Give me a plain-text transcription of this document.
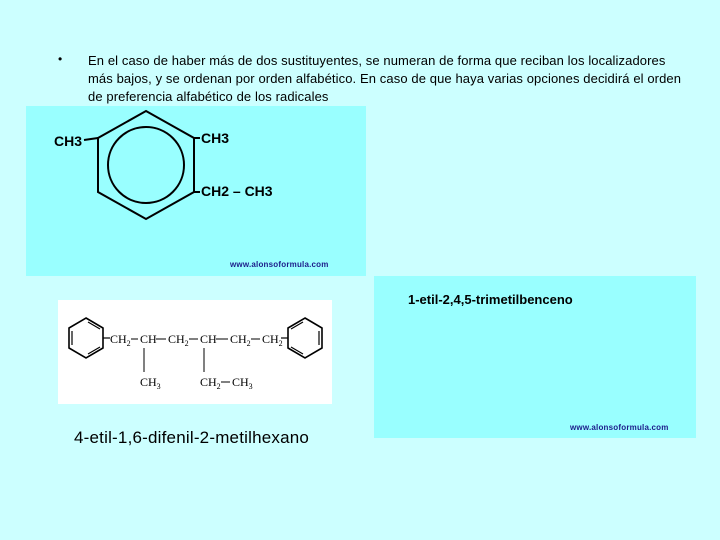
• En el caso de haber más de dos sustituyentes, se numeran de forma que reciban los localizadores más bajos, y se ordenan por orden alfabético. En caso de que haya varias opciones decidirá el orden de preferencia alfabético de los radicales
www.alonsoformula.com
1-etil-2,4,5-trimetilbenceno
www.alonsoformula.com
CH3	CH3
CH2 – CH3
$CH_2$ CH $CH_2$ CH $CH_2$ $CH_2$
$CH_3$	$CH_2$ $CH_3$
4-etil-1,6-difenil-2-metilhexano
